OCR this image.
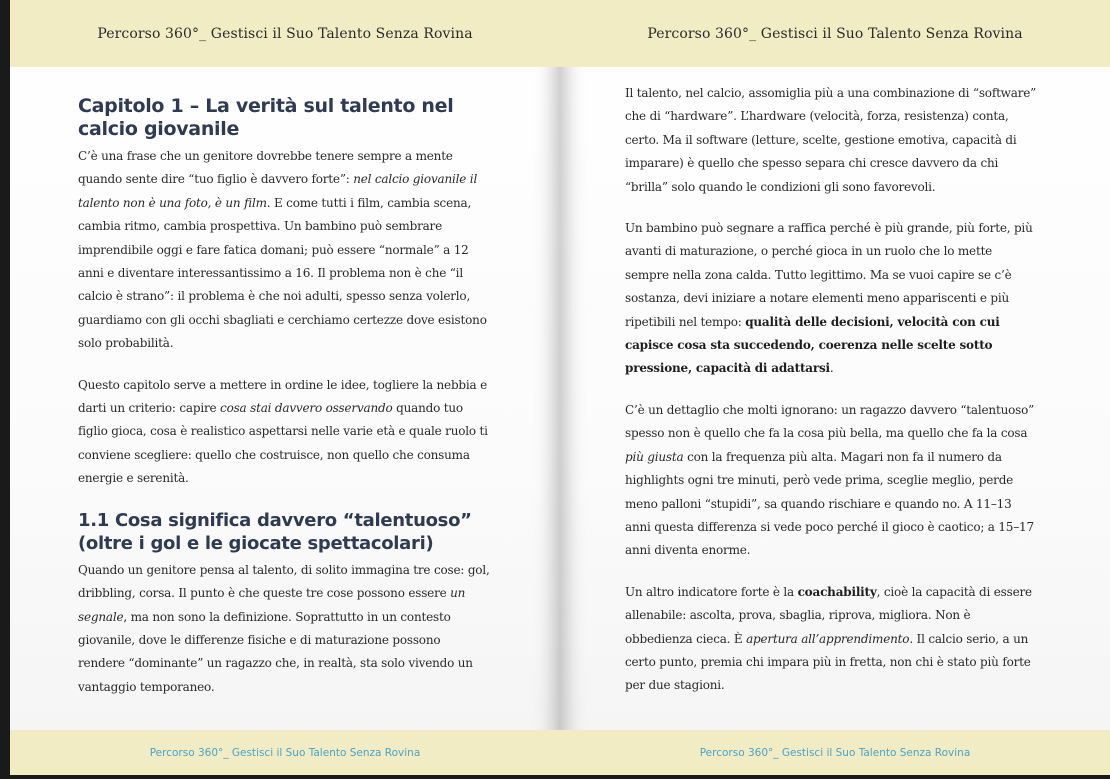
Percorso 360°_ Gestisci il Suo Talento Senza Rovina
Capitolo 1 – La verità sul talento nel calcio giovanile

C’è una frase che un genitore dovrebbe tenere sempre a mente quando sente dire “tuo figlio è davvero forte”: nel calcio giovanile il talento non è una foto, è un film. E come tutti i film, cambia scena, cambia ritmo, cambia prospettiva. Un bambino può sembrare imprendibile oggi e fare fatica domani; può essere “normale” a 12 anni e diventare interessantissimo a 16. Il problema non è che “il calcio è strano”: il problema è che noi adulti, spesso senza volerlo, guardiamo con gli occhi sbagliati e cerchiamo certezze dove esistono solo probabilità.

Questo capitolo serve a mettere in ordine le idee, togliere la nebbia e darti un criterio: capire cosa stai davvero osservando quando tuo figlio gioca, cosa è realistico aspettarsi nelle varie età e quale ruolo ti conviene scegliere: quello che costruisce, non quello che consuma energie e serenità.

1.1 Cosa significa davvero “talentuoso” (oltre i gol e le giocate spettacolari)

Quando un genitore pensa al talento, di solito immagina tre cose: gol, dribbling, corsa. Il punto è che queste tre cose possono essere un segnale, ma non sono la definizione. Soprattutto in un contesto giovanile, dove le differenze fisiche e di maturazione possono rendere “dominante” un ragazzo che, in realtà, sta solo vivendo un vantaggio temporaneo.

Percorso 360°_ Gestisci il Suo Talento Senza Rovina
Percorso 360°_ Gestisci il Suo Talento Senza Rovina

Il talento, nel calcio, assomiglia più a una combinazione di “software” che di “hardware”. L’hardware (velocità, forza, resistenza) conta, certo. Ma il software (letture, scelte, gestione emotiva, capacità di imparare) è quello che spesso separa chi cresce davvero da chi “brilla” solo quando le condizioni gli sono favorevoli.

Un bambino può segnare a raffica perché è più grande, più forte, più avanti di maturazione, o perché gioca in un ruolo che lo mette sempre nella zona calda. Tutto legittimo. Ma se vuoi capire se c’è sostanza, devi iniziare a notare elementi meno appariscenti e più ripetibili nel tempo: qualità delle decisioni, velocità con cui capisce cosa sta succedendo, coerenza nelle scelte sotto pressione, capacità di adattarsi.

C’è un dettaglio che molti ignorano: un ragazzo davvero “talentuoso” spesso non è quello che fa la cosa più bella, ma quello che fa la cosa più giusta con la frequenza più alta. Magari non fa il numero da highlights ogni tre minuti, però vede prima, sceglie meglio, perde meno palloni “stupidi”, sa quando rischiare e quando no. A 11–13 anni questa differenza si vede poco perché il gioco è caotico; a 15–17 anni diventa enorme.

Un altro indicatore forte è la coachability, cioè la capacità di essere allenabile: ascolta, prova, sbaglia, riprova, migliora. Non è obbedienza cieca. È apertura all’apprendimento. Il calcio serio, a un certo punto, premia chi impara più in fretta, non chi è stato più forte per due stagioni.

Percorso 360°_ Gestisci il Suo Talento Senza Rovina
